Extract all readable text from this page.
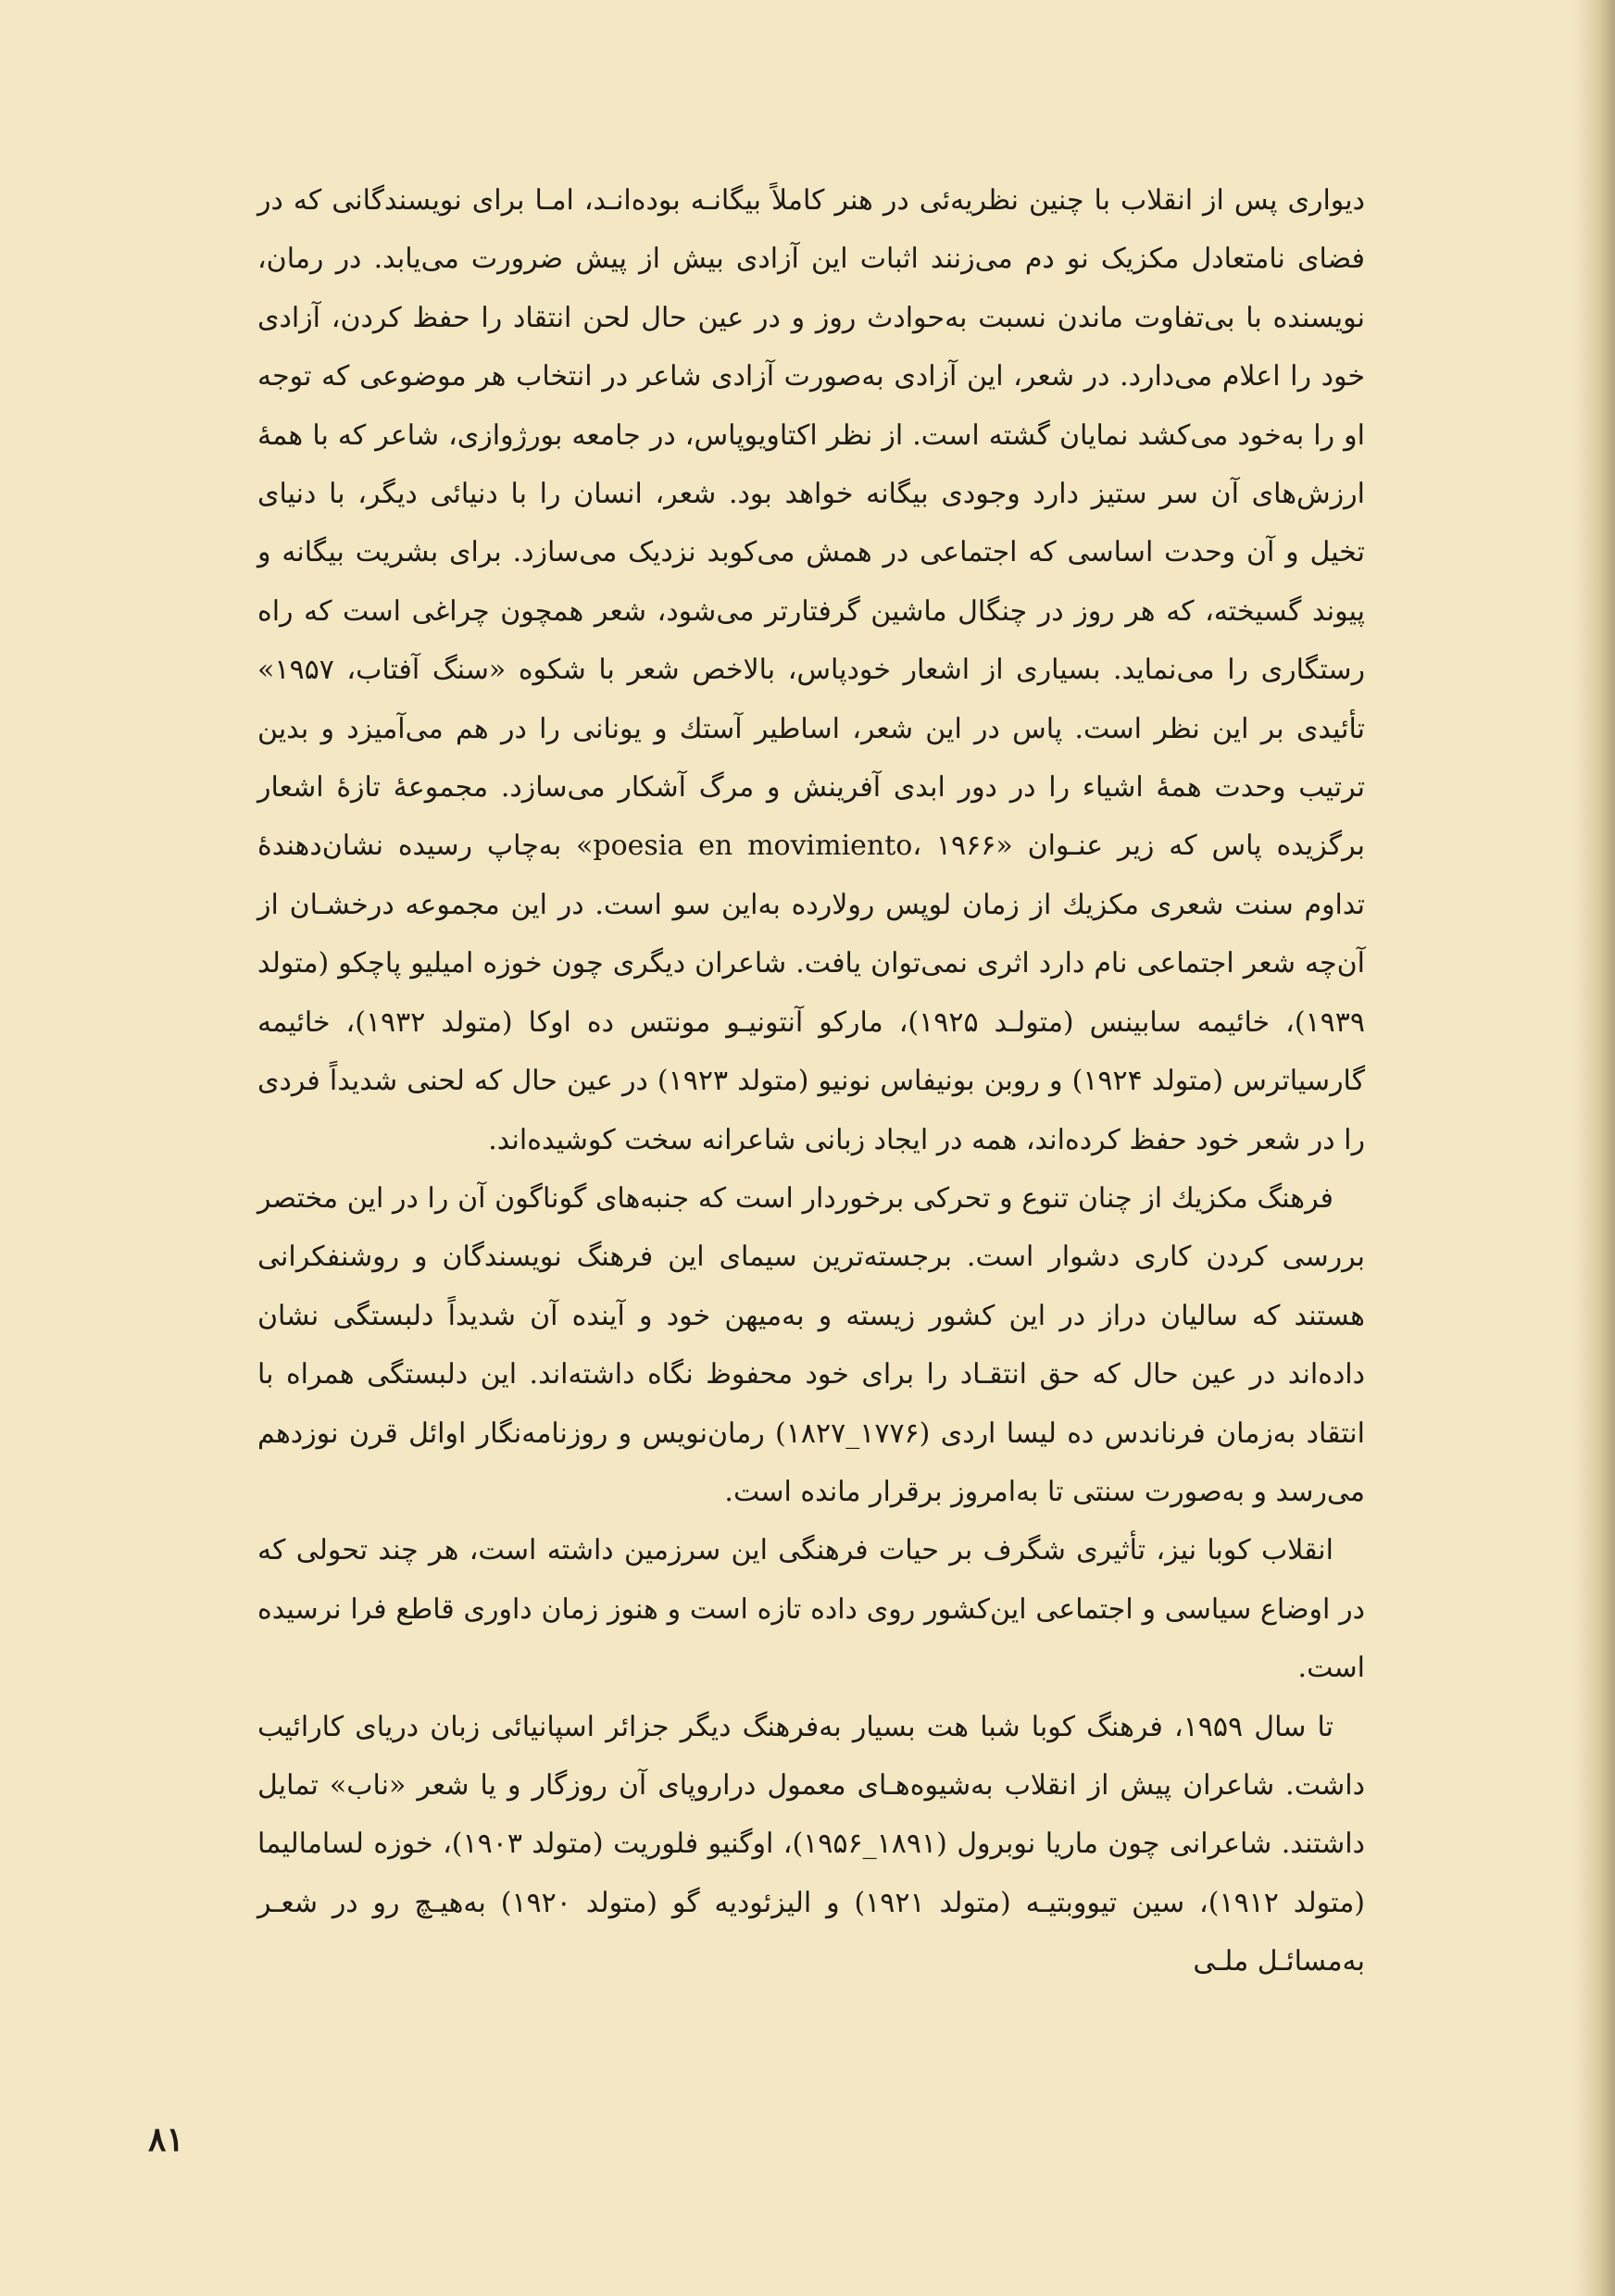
دیواری پس از انقلاب با چنین نظریه‌ئی در هنر کاملاً بیگانـه بوده‌انـد، امـا برای نویسندگانی که در فضای نامتعادل مکزیک نو دم می‌زنند اثبات این آزادی بیش از پیش ضرورت می‌یابد. در رمان، نویسنده با بی‌تفاوت ماندن نسبت به‌حوادث روز و در عین حال لحن انتقاد را حفظ کردن، آزادی خود را اعلام می‌دارد. در شعر، این آزادی به‌صورت آزادی شاعر در انتخاب هر موضوعی که توجه او را به‌خود می‌کشد نمایان گشته است. از نظر اکتاویوپاس، در جامعه بورژوازی، شاعر که با همهٔ ارزش‌های آن سر ستیز دارد وجودی بیگانه خواهد بود. شعر، انسان را با دنیائی دیگر، با دنیای تخیل و آن وحدت اساسی که اجتماعی در همش می‌کوبد نزدیک می‌سازد. برای بشریت بیگانه و پیوند گسیخته، که هر روز در چنگال ماشین گرفتارتر می‌شود، شعر همچون چراغی است که راه رستگاری را می‌نماید. بسیاری از اشعار خودپاس، بالاخص شعر با شکوه «سنگ آفتاب، ۱۹۵۷» تأئیدی بر این نظر است. پاس در این شعر، اساطیر آستك و یونانی را در هم می‌آمیزد و بدین ترتیب وحدت همهٔ اشیاء را در دور ابدی آفرینش و مرگ آشکار می‌سازد. مجموعهٔ تازهٔ اشعار برگزیده پاس که زیر عنـوان «poesia en movimiento، ۱۹۶۶» به‌چاپ رسیده نشان‌دهندهٔ تداوم سنت شعری مکزیك از زمان لوپس رولارده به‌این سو است. در این مجموعه درخشـان از آن‌چه شعر اجتماعی نام دارد اثری نمی‌توان یافت. شاعران دیگری چون خوزه امیلیو پاچکو (متولد ۱۹۳۹)، خائیمه سابینس (متولـد ۱۹۲۵)، مارکو آنتونیـو مونتس ده اوکا (متولد ۱۹۳۲)، خائیمه گارسیاترس (متولد ۱۹۲۴) و روبن بونیفاس نونیو (متولد ۱۹۲۳) در عین حال که لحنی شدیداً فردی را در شعر خود حفظ کرده‌اند، همه در ایجاد زبانی شاعرانه سخت کوشیده‌اند.

فرهنگ مکزیك از چنان تنوع و تحرکی برخوردار است که جنبه‌های گوناگون آن را در این مختصر بررسی کردن کاری دشوار است. برجسته‌ترین سیمای این فرهنگ نویسندگان و روشنفکرانی هستند که سالیان دراز در این کشور زیسته و به‌میهن خود و آینده آن شدیداً دلبستگی نشان داده‌اند در عین حال که حق انتقـاد را برای خود محفوظ نگاه داشته‌اند. این دلبستگی همراه با انتقاد به‌زمان فرناندس ده لیسا اردی (۱۷۷۶_۱۸۲۷) رمان‌نویس و روزنامه‌نگار اوائل قرن نوزدهم می‌رسد و به‌صورت سنتی تا به‌امروز برقرار مانده است.

انقلاب کوبا نیز، تأثیری شگرف بر حیات فرهنگی این سرزمین داشته است، هر چند تحولی که در اوضاع سیاسی و اجتماعی این‌کشور روی داده تازه است و هنوز زمان داوری قاطع فرا نرسیده است.

تا سال ۱۹۵۹، فرهنگ کوبا شبا هت بسیار به‌فرهنگ دیگر جزائر اسپانیائی زبان دریای کارائیب داشت. شاعران پیش از انقلاب به‌شیوه‌هـای معمول دراروپای آن روزگار و یا شعر «ناب» تمایل داشتند. شاعرانی چون ماریا نوبرول (۱۸۹۱_۱۹۵۶)، اوگنیو فلوریت (متولد ۱۹۰۳)، خوزه لساماليما (متولد ۱۹۱۲)، سین تیووبتیـه (متولد ۱۹۲۱) و الیزئودیه گو (متولد ۱۹۲۰) به‌هیـچ رو در شعـر به‌مسائـل ملـی

۸۱
